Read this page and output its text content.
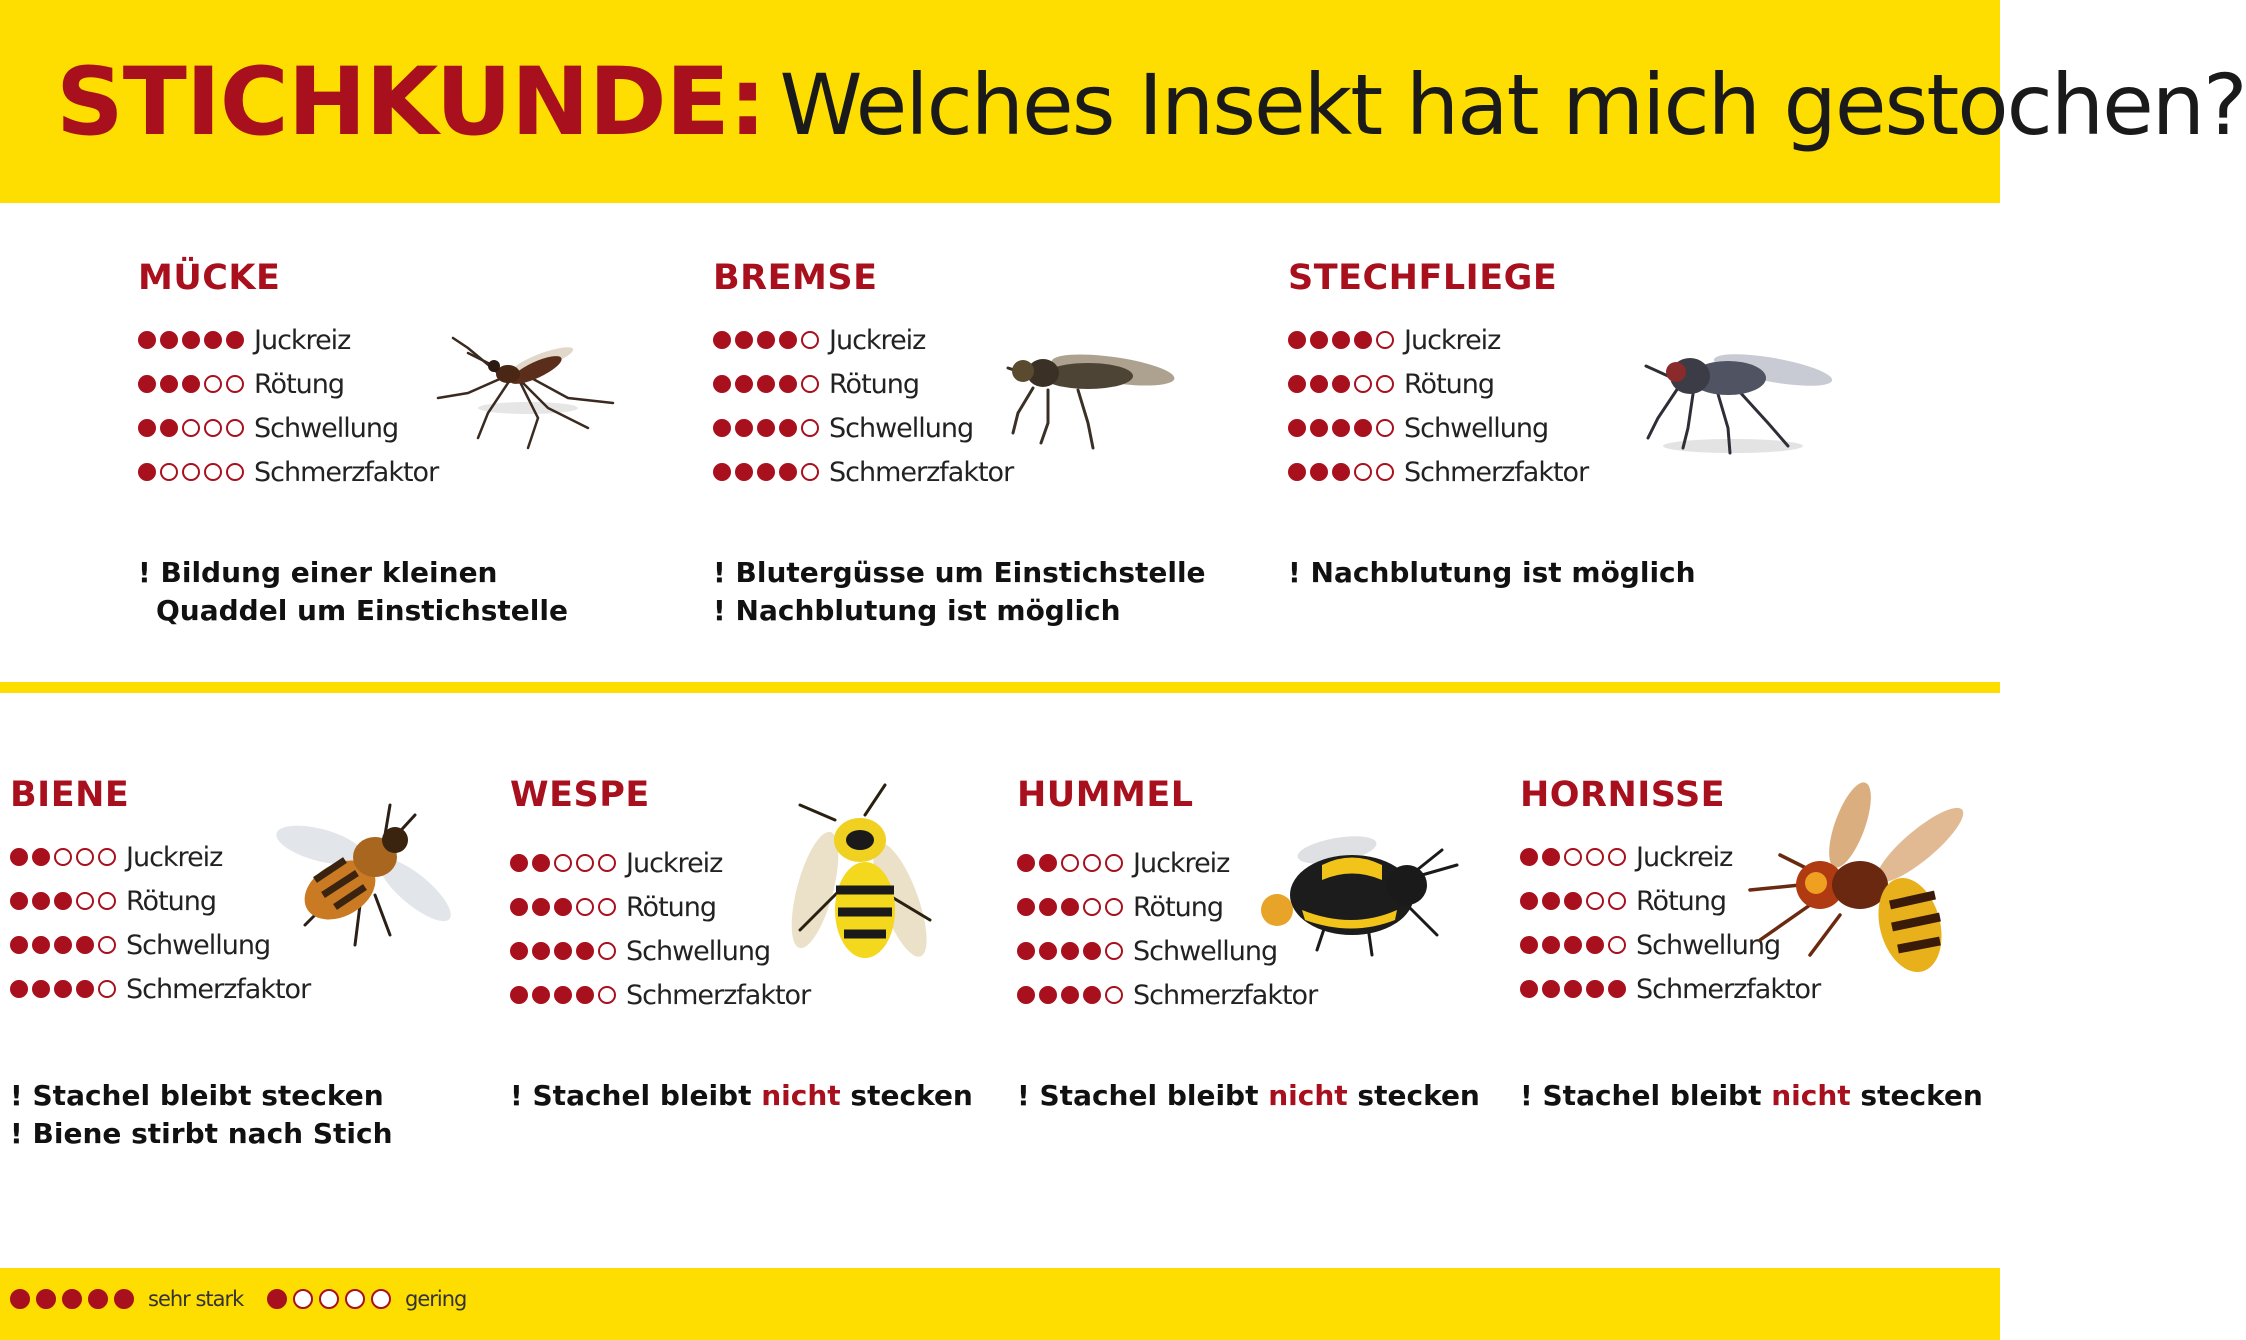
STICHKUNDE: Welches Insekt hat mich gestochen?
MÜCKE
Juckreiz
Rötung
Schwellung
Schmerzfaktor
! Bildung einer kleinen
Quaddel um Einstichstelle
BREMSE
Juckreiz
Rötung
Schwellung
Schmerzfaktor
! Blutergüsse um Einstichstelle
! Nachblutung ist möglich
STECHFLIEGE
Juckreiz
Rötung
Schwellung
Schmerzfaktor
! Nachblutung ist möglich
BIENE
Juckreiz
Rötung
Schwellung
Schmerzfaktor
! Stachel bleibt stecken
! Biene stirbt nach Stich
WESPE
Juckreiz
Rötung
Schwellung
Schmerzfaktor
! Stachel bleibt nicht stecken
HUMMEL
Juckreiz
Rötung
Schwellung
Schmerzfaktor
! Stachel bleibt nicht stecken
HORNISSE
Juckreiz
Rötung
Schwellung
Schmerzfaktor
! Stachel bleibt nicht stecken
sehr stark	gering
